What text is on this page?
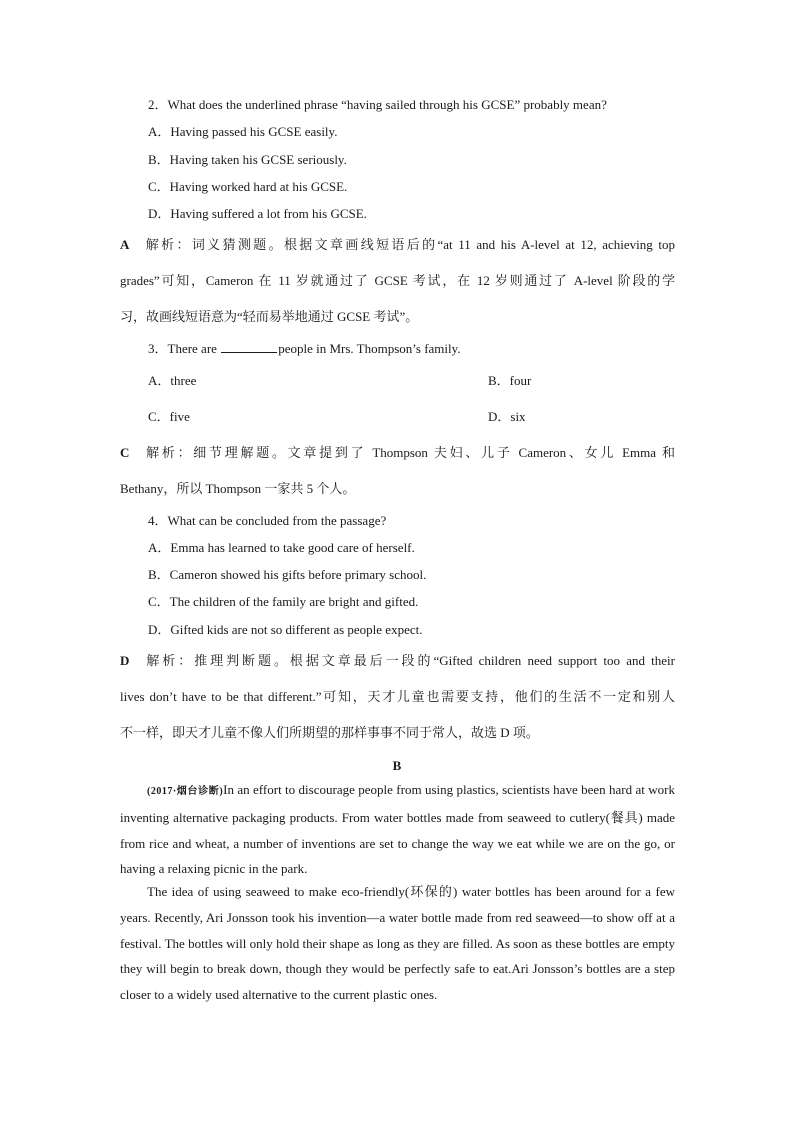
2．What does the underlined phrase “having sailed through his GCSE” probably mean?
A．Having passed his GCSE easily.
B．Having taken his GCSE seriously.
C．Having worked hard at his GCSE.
D．Having suffered a lot from his GCSE.
A 解析：词义猜测题。根据文章画线短语后的“at 11 and his A-level at 12, achieving top
grades”可知，Cameron 在 11 岁就通过了 GCSE 考试，在 12 岁则通过了 A-level 阶段的学
习，故画线短语意为“轻而易举地通过 GCSE 考试”。
3．There are	people in Mrs. Thompson’s family.
A．three	B．four
C．five	D．six
C 解析：细节理解题。文章提到了 Thompson 夫妇、儿子 Cameron、女儿 Emma 和
Bethany，所以 Thompson 一家共 5 个人。
4．What can be concluded from the passage?
A．Emma has learned to take good care of herself.
B．Cameron showed his gifts before primary school.
C．The children of the family are bright and gifted.
D．Gifted kids are not so different as people expect.
D 解析：推理判断题。根据文章最后一段的“Gifted children need support too and their
lives don’t have to be that different.”可知，天才儿童也需要支持，他们的生活不一定和别人
不一样，即天才儿童不像人们所期望的那样事事不同于常人，故选 D 项。
B
(2017·烟台诊断)In an effort to discourage people from using plastics, scientists have been hard at work inventing alternative packaging products. From water bottles made from seaweed to cutlery(餐具) made from rice and wheat, a number of inventions are set to change the way we eat while we are on the go, or having a relaxing picnic in the park.
The idea of using seaweed to make eco-friendly(环保的) water bottles has been around for a few years. Recently, Ari Jonsson took his invention—a water bottle made from red seaweed—to show off at a festival. The bottles will only hold their shape as long as they are filled. As soon as these bottles are empty they will begin to break down, though they would be perfectly safe to eat.Ari Jonsson’s bottles are a step closer to a widely used alternative to the current plastic ones.
